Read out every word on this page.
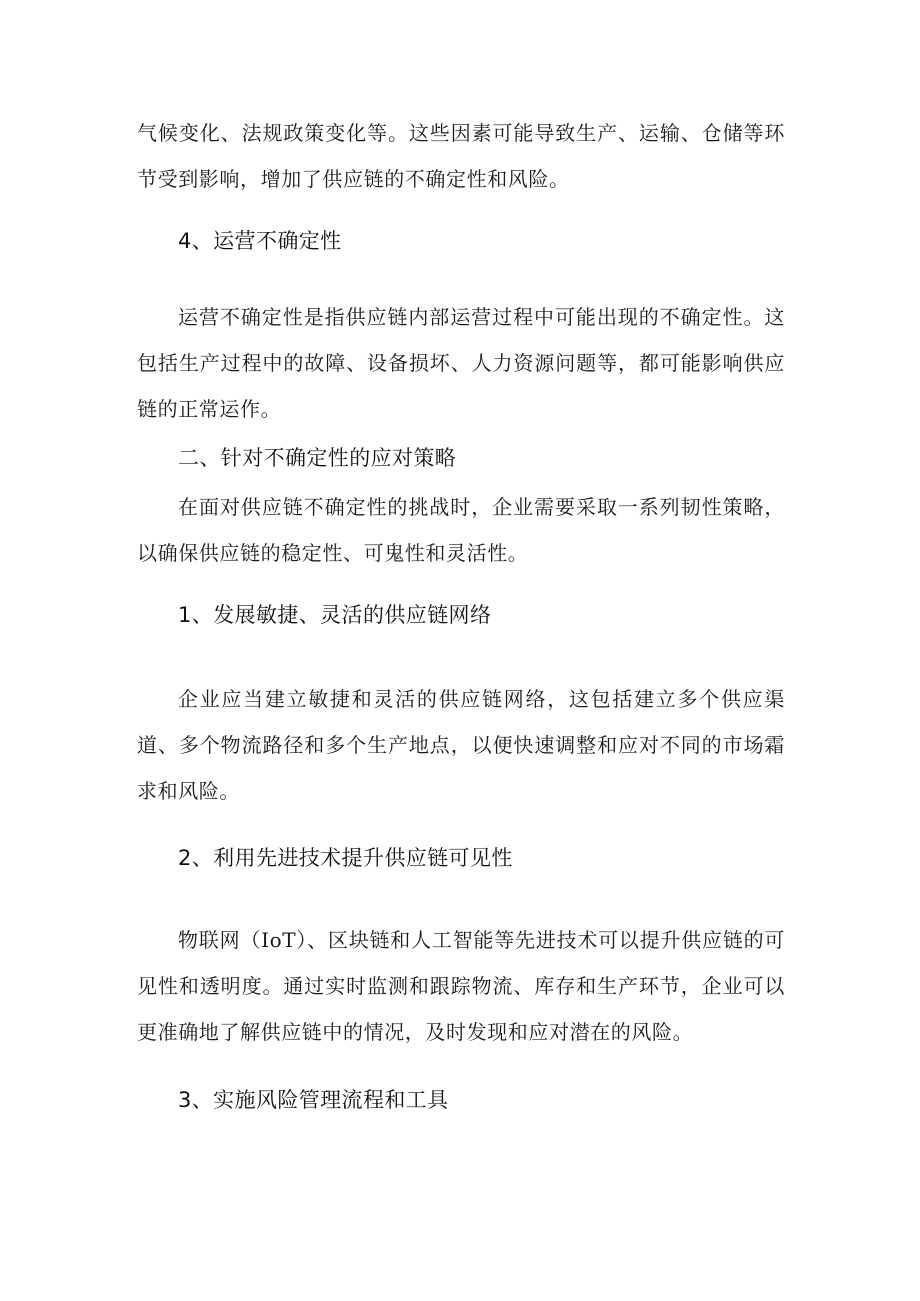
气候变化、法规政策变化等。这些因素可能导致生产、运输、仓储等环节受到影响，增加了供应链的不确定性和风险。

4、运营不确定性

运营不确定性是指供应链内部运营过程中可能出现的不确定性。这包括生产过程中的故障、设备损坏、人力资源问题等，都可能影响供应链的正常运作。

二、针对不确定性的应对策略

在面对供应链不确定性的挑战时，企业需要采取一系列韧性策略，以确保供应链的稳定性、可鬼性和灵活性。

1、发展敏捷、灵活的供应链网络

企业应当建立敏捷和灵活的供应链网络，这包括建立多个供应渠道、多个物流路径和多个生产地点，以便快速调整和应对不同的市场霜求和风险。

2、利用先进技术提升供应链可见性

物联网（IoT）、区块链和人工智能等先进技术可以提升供应链的可见性和透明度。通过实时监测和跟踪物流、库存和生产环节，企业可以更准确地了解供应链中的情况，及时发现和应对潜在的风险。

3、实施风险管理流程和工具
